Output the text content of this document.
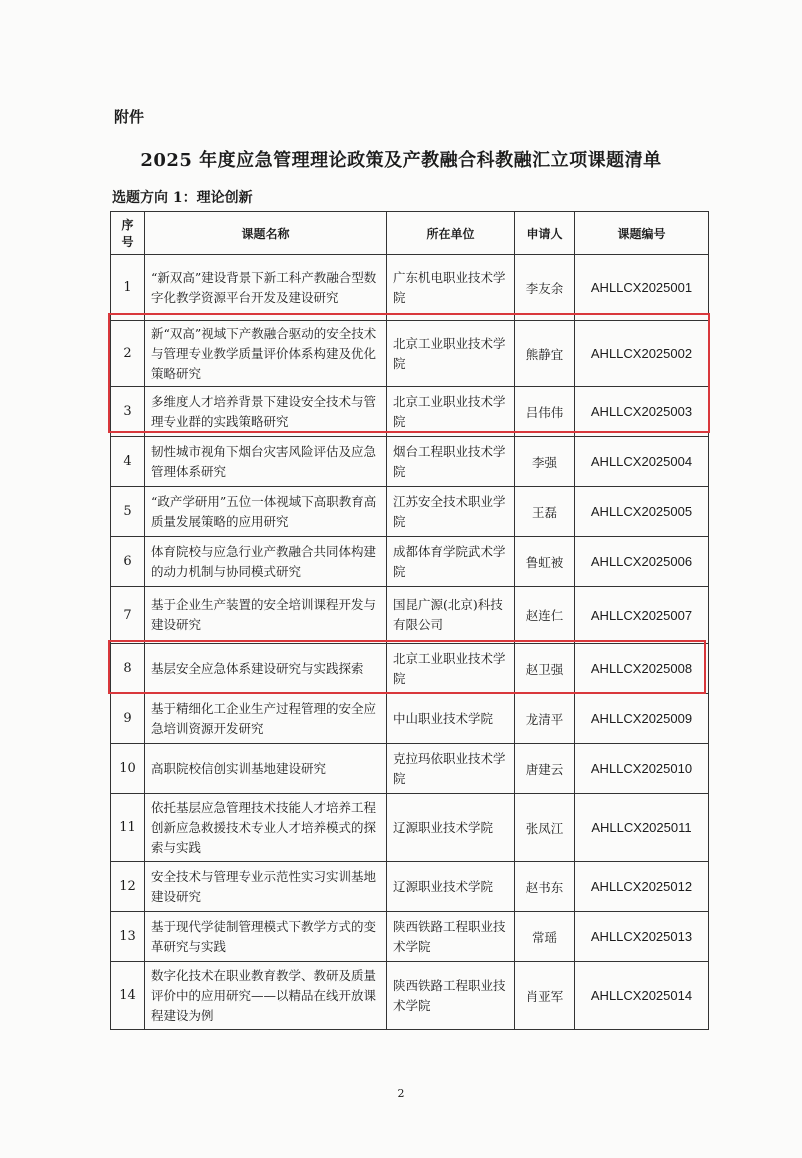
附件
2025 年度应急管理理论政策及产教融合科教融汇立项课题清单
选题方向 1：理论创新
序号	课题名称	所在单位	申请人	课题编号
1	“新双高”建设背景下新工科产教融合型数字化教学资源平台开发及建设研究	广东机电职业技术学院	李友余	AHLLCX2025001
2	新“双高”视域下产教融合驱动的安全技术与管理专业教学质量评价体系构建及优化策略研究	北京工业职业技术学院	熊静宜	AHLLCX2025002
3	多维度人才培养背景下建设安全技术与管理专业群的实践策略研究	北京工业职业技术学院	吕伟伟	AHLLCX2025003
4	韧性城市视角下烟台灾害风险评估及应急管理体系研究	烟台工程职业技术学院	李强	AHLLCX2025004
5	“政产学研用”五位一体视域下高职教育高质量发展策略的应用研究	江苏安全技术职业学院	王磊	AHLLCX2025005
6	体育院校与应急行业产教融合共同体构建的动力机制与协同模式研究	成都体育学院武术学院	鲁虹被	AHLLCX2025006
7	基于企业生产装置的安全培训课程开发与建设研究	国昆广源(北京)科技有限公司	赵连仁	AHLLCX2025007
8	基层安全应急体系建设研究与实践探索	北京工业职业技术学院	赵卫强	AHLLCX2025008
9	基于精细化工企业生产过程管理的安全应急培训资源开发研究	中山职业技术学院	龙清平	AHLLCX2025009
10	高职院校信创实训基地建设研究	克拉玛依职业技术学院	唐建云	AHLLCX2025010
11	依托基层应急管理技术技能人才培养工程创新应急救援技术专业人才培养模式的探索与实践	辽源职业技术学院	张凤江	AHLLCX2025011
12	安全技术与管理专业示范性实习实训基地建设研究	辽源职业技术学院	赵书东	AHLLCX2025012
13	基于现代学徒制管理模式下教学方式的变革研究与实践	陕西铁路工程职业技术学院	常瑶	AHLLCX2025013
14	数字化技术在职业教育教学、教研及质量评价中的应用研究——以精品在线开放课程建设为例	陕西铁路工程职业技术学院	肖亚军	AHLLCX2025014
2
